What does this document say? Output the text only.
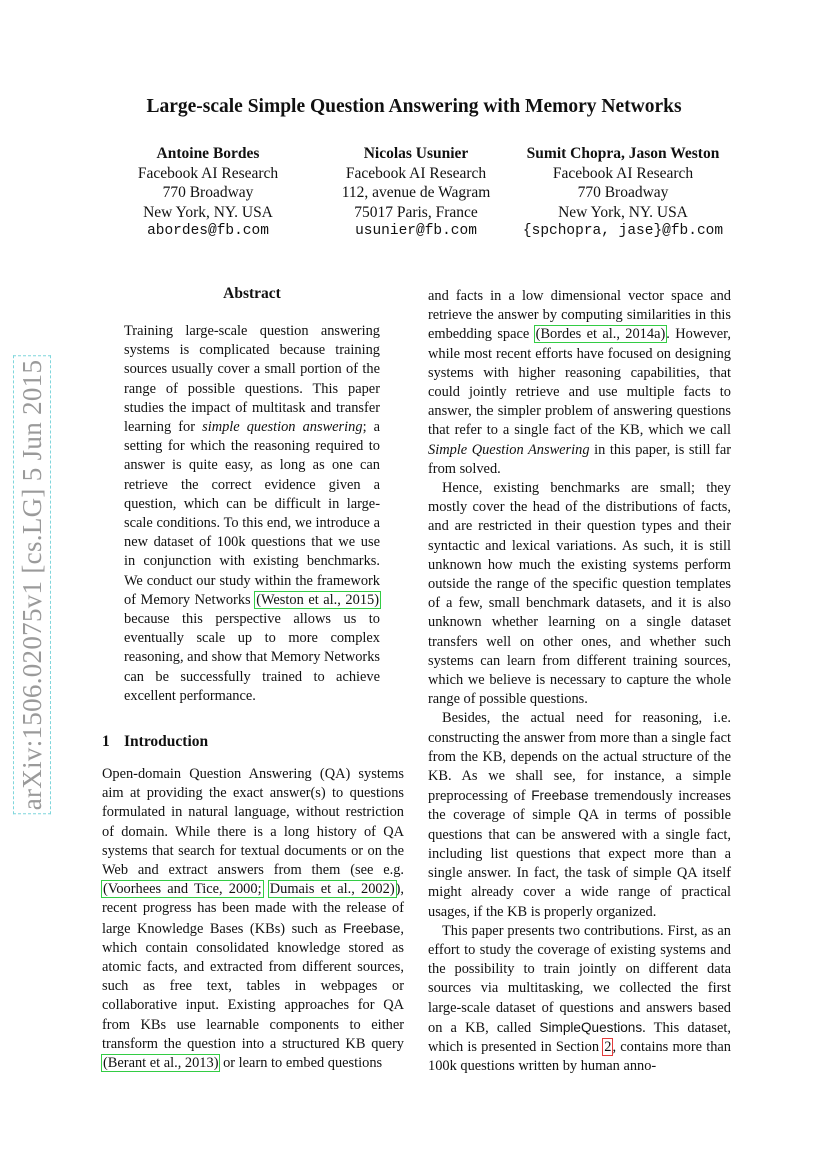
arXiv:1506.02075v1 [cs.LG] 5 Jun 2015
Large-scale Simple Question Answering with Memory Networks
Antoine Bordes
Facebook AI Research
770 Broadway
New York, NY. USA
abordes@fb.com
Nicolas Usunier
Facebook AI Research
112, avenue de Wagram
75017 Paris, France
usunier@fb.com
Sumit Chopra, Jason Weston
Facebook AI Research
770 Broadway
New York, NY. USA
{spchopra, jase}@fb.com
Abstract

Training large-scale question answering systems is complicated because training sources usually cover a small portion of the range of possible questions. This paper studies the impact of multitask and transfer learning for simple question answering; a setting for which the reasoning required to answer is quite easy, as long as one can retrieve the correct evidence given a question, which can be difficult in large-scale conditions. To this end, we introduce a new dataset of 100k questions that we use in conjunction with existing benchmarks. We conduct our study within the framework of Memory Networks (Weston et al., 2015) because this perspective allows us to eventually scale up to more complex reasoning, and show that Memory Networks can be successfully trained to achieve excellent performance.

1 Introduction

Open-domain Question Answering (QA) systems aim at providing the exact answer(s) to questions formulated in natural language, without restriction of domain. While there is a long history of QA systems that search for textual documents or on the Web and extract answers from them (see e.g. (Voorhees and Tice, 2000; Dumais et al., 2002)), recent progress has been made with the release of large Knowledge Bases (KBs) such as Freebase, which contain consolidated knowledge stored as atomic facts, and extracted from different sources, such as free text, tables in webpages or collaborative input. Existing approaches for QA from KBs use learnable components to either transform the question into a structured KB query (Berant et al., 2013) or learn to embed questions

and facts in a low dimensional vector space and retrieve the answer by computing similarities in this embedding space (Bordes et al., 2014a). However, while most recent efforts have focused on designing systems with higher reasoning capabilities, that could jointly retrieve and use multiple facts to answer, the simpler problem of answering questions that refer to a single fact of the KB, which we call Simple Question Answering in this paper, is still far from solved.

Hence, existing benchmarks are small; they mostly cover the head of the distributions of facts, and are restricted in their question types and their syntactic and lexical variations. As such, it is still unknown how much the existing systems perform outside the range of the specific question templates of a few, small benchmark datasets, and it is also unknown whether learning on a single dataset transfers well on other ones, and whether such systems can learn from different training sources, which we believe is necessary to capture the whole range of possible questions.

Besides, the actual need for reasoning, i.e. constructing the answer from more than a single fact from the KB, depends on the actual structure of the KB. As we shall see, for instance, a simple preprocessing of Freebase tremendously increases the coverage of simple QA in terms of possible questions that can be answered with a single fact, including list questions that expect more than a single answer. In fact, the task of simple QA itself might already cover a wide range of practical usages, if the KB is properly organized.

This paper presents two contributions. First, as an effort to study the coverage of existing systems and the possibility to train jointly on different data sources via multitasking, we collected the first large-scale dataset of questions and answers based on a KB, called SimpleQuestions. This dataset, which is presented in Section 2, contains more than 100k questions written by human anno-
